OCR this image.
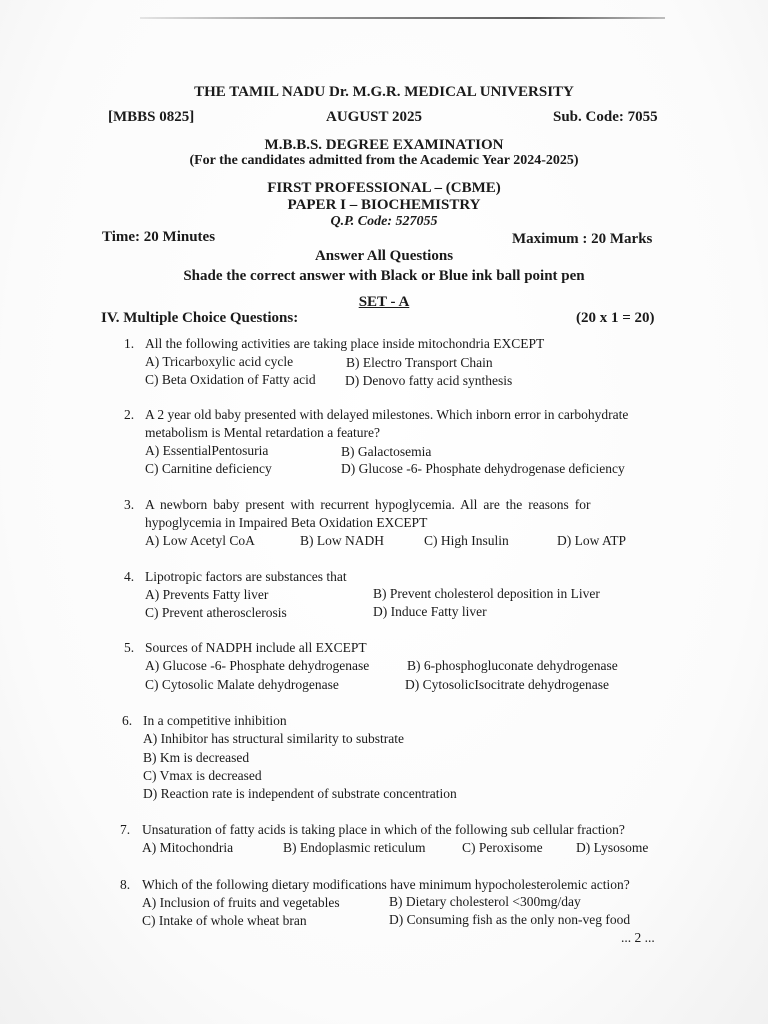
THE TAMIL NADU Dr. M.G.R. MEDICAL UNIVERSITY
[MBBS 0825]	AUGUST 2025	Sub. Code: 7055
M.B.B.S. DEGREE EXAMINATION
(For the candidates admitted from the Academic Year 2024-2025)
FIRST PROFESSIONAL – (CBME)
PAPER I – BIOCHEMISTRY
Q.P. Code: 527055
Time: 20 Minutes	Maximum : 20 Marks
Answer All Questions
Shade the correct answer with Black or Blue ink ball point pen
SET - A
IV. Multiple Choice Questions:	(20 x 1 = 20)
1. All the following activities are taking place inside mitochondria EXCEPT
A) Tricarboxylic acid cycle	B) Electro Transport Chain
C) Beta Oxidation of Fatty acid D) Denovo fatty acid synthesis
2. A 2 year old baby presented with delayed milestones. Which inborn error in carbohydrate
metabolism is Mental retardation a feature?
A) EssentialPentosuria	B) Galactosemia
C) Carnitine deficiency	D) Glucose -6- Phosphate dehydrogenase deficiency
3. A newborn baby present with recurrent hypoglycemia. All are the reasons for
hypoglycemia in Impaired Beta Oxidation EXCEPT
A) Low Acetyl CoA	B) Low NADH	C) High Insulin	D) Low ATP
4. Lipotropic factors are substances that
A) Prevents Fatty liver	B) Prevent cholesterol deposition in Liver
C) Prevent atherosclerosis	D) Induce Fatty liver
5. Sources of NADPH include all EXCEPT
A) Glucose -6- Phosphate dehydrogenase	B) 6-phosphogluconate dehydrogenase
C) Cytosolic Malate dehydrogenase	D) CytosolicIsocitrate dehydrogenase
6. In a competitive inhibition
A) Inhibitor has structural similarity to substrate
B) Km is decreased
C) Vmax is decreased
D) Reaction rate is independent of substrate concentration
7. Unsaturation of fatty acids is taking place in which of the following sub cellular fraction?
A) Mitochondria	B) Endoplasmic reticulum	C) Peroxisome D) Lysosome
8. Which of the following dietary modifications have minimum hypocholesterolemic action?
A) Inclusion of fruits and vegetables	B) Dietary cholesterol <300mg/day
C) Intake of whole wheat bran	D) Consuming fish as the only non-veg food
... 2 ...
